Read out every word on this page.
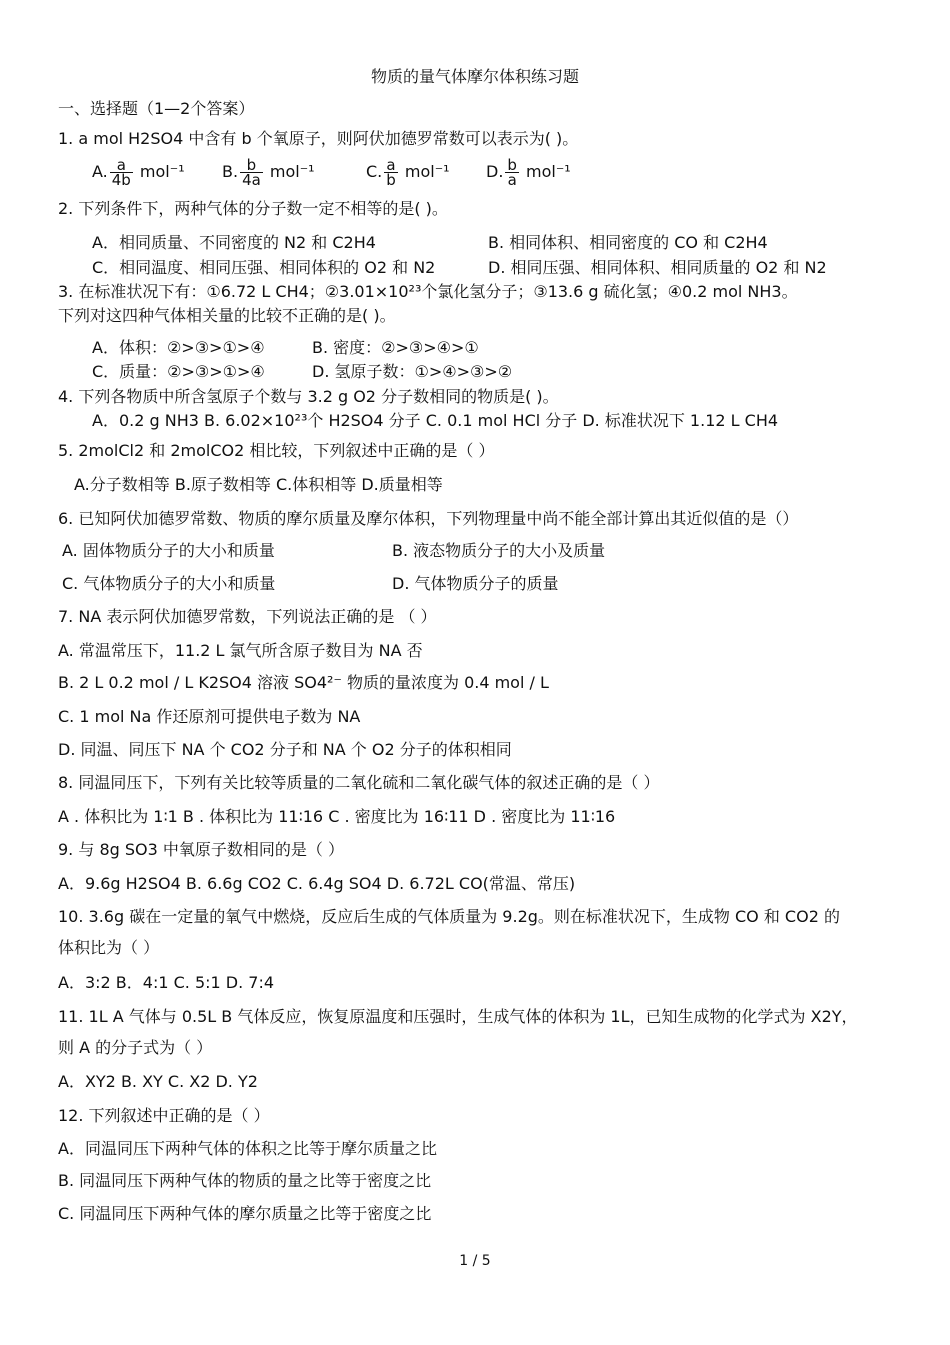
物质的量气体摩尔体积练习题
一、选择题（1—2个答案）
1. a mol H2SO4 中含有 b 个氧原子，则阿伏加德罗常数可以表示为( )。
A. $\frac{a}{4b} mol^{-1}$ B. $\frac{b}{4a} mol^{-1}$	C. $\frac{a}{b} mol^{-1}$ D. $\frac{b}{a} mol^{-1}$
2. 下列条件下，两种气体的分子数一定不相等的是( )。
A．相同质量、不同密度的 N2 和 C2H4	B. 相同体积、相同密度的 CO 和 C2H4
C．相同温度、相同压强、相同体积的 O2 和 N2	D. 相同压强、相同体积、相同质量的 O2 和 N2
3. 在标准状况下有：①6.72 L CH4；②3.01×10²³个氯化氢分子；③13.6 g 硫化氢；④0.2 mol NH3。
下列对这四种气体相关量的比较不正确的是( )。
A．体积：②>③>①>④	B. 密度：②>③>④>①
C．质量：②>③>①>④	D. 氢原子数：①>④>③>②
4. 下列各物质中所含氢原子个数与 3.2 g O2 分子数相同的物质是( )。
A．0.2 g NH3 B. 6.02×10²³个 H2SO4 分子 C. 0.1 mol HCl 分子 D. 标准状况下 1.12 L CH4
5. 2molCl2 和 2molCO2 相比较，下列叙述中正确的是（ ）
A.分子数相等 B.原子数相等 C.体积相等 D.质量相等
6. 已知阿伏加德罗常数、物质的摩尔质量及摩尔体积，下列物理量中尚不能全部计算出其近似值的是（）
A. 固体物质分子的大小和质量	B. 液态物质分子的大小及质量
C. 气体物质分子的大小和质量	D. 气体物质分子的质量
7. NA 表示阿伏加德罗常数，下列说法正确的是 （ ）
A. 常温常压下，11.2 L 氯气所含原子数目为 NA 否
B. 2 L 0.2 mol / L K2SO4 溶液 SO4²⁻ 物质的量浓度为 0.4 mol / L
C. 1 mol Na 作还原剂可提供电子数为 NA
D. 同温、同压下 NA 个 CO2 分子和 NA 个 O2 分子的体积相同
8. 同温同压下，下列有关比较等质量的二氧化硫和二氧化碳气体的叙述正确的是（ ）
A . 体积比为 1∶1 B . 体积比为 11∶16 C . 密度比为 16∶11 D . 密度比为 11∶16
9. 与 8g SO3 中氧原子数相同的是（ ）
A．9.6g H2SO4 B. 6.6g CO2 C. 6.4g SO4 D. 6.72L CO(常温、常压)
10. 3.6g 碳在一定量的氧气中燃烧，反应后生成的气体质量为 9.2g。则在标准状况下，生成物 CO 和 CO2 的
体积比为（ ）
A．3:2 B．4:1 C. 5:1 D. 7:4
11. 1L A 气体与 0.5L B 气体反应，恢复原温度和压强时，生成气体的体积为 1L，已知生成物的化学式为 X2Y，
则 A 的分子式为（ ）
A．XY2 B. XY C. X2 D. Y2
12. 下列叙述中正确的是（ ）
A．同温同压下两种气体的体积之比等于摩尔质量之比
B. 同温同压下两种气体的物质的量之比等于密度之比
C. 同温同压下两种气体的摩尔质量之比等于密度之比
1 / 5
